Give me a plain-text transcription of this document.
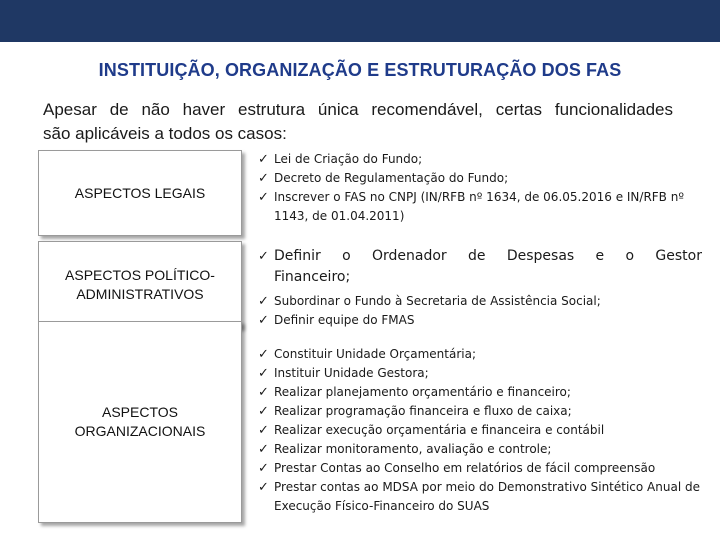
INSTITUIÇÃO, ORGANIZAÇÃO E ESTRUTURAÇÃO DOS FAS
Apesar de não haver estrutura única recomendável, certas funcionalidades
são aplicáveis a todos os casos:
ASPECTOS LEGAIS
✓ Lei de Criação do Fundo;
✓ Decreto de Regulamentação do Fundo;
✓ Inscrever o FAS no CNPJ (IN/RFB nº 1634, de 06.05.2016 e IN/RFB nº 1143, de 01.04.2011)
ASPECTOS POLÍTICO-
ADMINISTRATIVOS
✓ Definir o Ordenador de Despesas e o Gestor
Financeiro;
✓ Subordinar o Fundo à Secretaria de Assistência Social;
✓ Definir equipe do FMAS
ASPECTOS
ORGANIZACIONAIS
✓ Constituir Unidade Orçamentária;
✓ Instituir Unidade Gestora;
✓ Realizar planejamento orçamentário e financeiro;
✓ Realizar programação financeira e fluxo de caixa;
✓ Realizar execução orçamentária e financeira e contábil
✓ Realizar monitoramento, avaliação e controle;
✓ Prestar Contas ao Conselho em relatórios de fácil compreensão
✓ Prestar contas ao MDSA por meio do Demonstrativo Sintético Anual de Execução Físico-Financeiro do SUAS
